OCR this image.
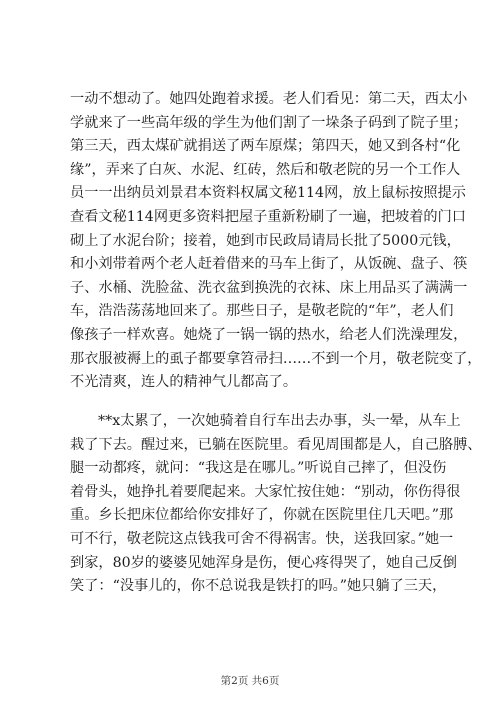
一动不想动了。她四处跑着求援。老人们看见：第二天，西太小
学就来了一些高年级的学生为他们割了一垛条子码到了院子里；
第三天，西太煤矿就捐送了两车原煤；第四天，她又到各村“化
缘”，弄来了白灰、水泥、红砖，然后和敬老院的另一个工作人
员一一出纳员刘景君本资料权属文秘114网，放上鼠标按照提示
查看文秘114网更多资料把屋子重新粉刷了一遍，把坡着的门口
砌上了水泥台阶；接着，她到市民政局请局长批了5000元钱，
和小刘带着两个老人赶着借来的马车上街了，从饭碗、盘子、筷
子、水桶、洗脸盆、洗衣盆到换洗的衣袜、床上用品买了满满一
车，浩浩荡荡地回来了。那些日子，是敬老院的“年”，老人们
像孩子一样欢喜。她烧了一锅一锅的热水，给老人们洗澡理发，
那衣服被褥上的虱子都要拿笤帚扫……不到一个月，敬老院变了，
不光清爽，连人的精神气儿都高了。
**x太累了，一次她骑着自行车出去办事，头一晕，从车上
栽了下去。醒过来，已躺在医院里。看见周围都是人，自己胳膊、
腿一动都疼，就问：“我这是在哪儿。”听说自己摔了，但没伤
着骨头，她挣扎着要爬起来。大家忙按住她：“别动，你伤得很
重。乡长把床位都给你安排好了，你就在医院里住几天吧。”那
可不行，敬老院这点钱我可舍不得祸害。快，送我回家。”她一
到家，80岁的婆婆见她浑身是伤，便心疼得哭了，她自己反倒
笑了：“没事儿的，你不总说我是铁打的吗。”她只躺了三天，
第2页 共6页
